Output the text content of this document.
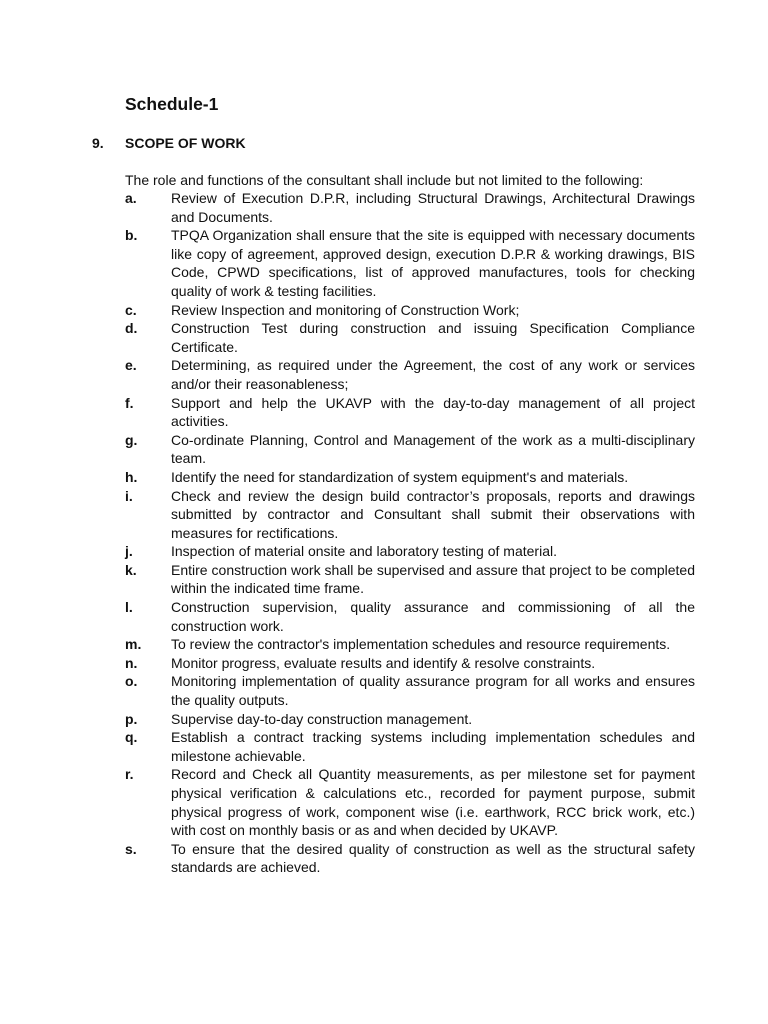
Schedule-1
9. SCOPE OF WORK
The role and functions of the consultant shall include but not limited to the following:
a.	Review of Execution D.P.R, including Structural Drawings, Architectural Drawings and Documents.
b.	TPQA Organization shall ensure that the site is equipped with necessary documents like copy of agreement, approved design, execution D.P.R & working drawings, BIS Code, CPWD specifications, list of approved manufactures, tools for checking quality of work & testing facilities.
c.	Review Inspection and monitoring of Construction Work;
d.	Construction Test during construction and issuing Specification Compliance Certificate.
e.	Determining, as required under the Agreement, the cost of any work or services and/or their reasonableness;
f.	Support and help the UKAVP with the day-to-day management of all project activities.
g.	Co-ordinate Planning, Control and Management of the work as a multi-disciplinary team.
h.	Identify the need for standardization of system equipment's and materials.
i.	Check and review the design build contractor’s proposals, reports and drawings submitted by contractor and Consultant shall submit their observations with measures for rectifications.
j.	Inspection of material onsite and laboratory testing of material.
k.	Entire construction work shall be supervised and assure that project to be completed within the indicated time frame.
l.	Construction supervision, quality assurance and commissioning of all the construction work.
m.	To review the contractor's implementation schedules and resource requirements.
n.	Monitor progress, evaluate results and identify & resolve constraints.
o.	Monitoring implementation of quality assurance program for all works and ensures the quality outputs.
p.	Supervise day-to-day construction management.
q.	Establish a contract tracking systems including implementation schedules and milestone achievable.
r.	Record and Check all Quantity measurements, as per milestone set for payment physical verification & calculations etc., recorded for payment purpose, submit physical progress of work, component wise (i.e. earthwork, RCC brick work, etc.) with cost on monthly basis or as and when decided by UKAVP.
s.	To ensure that the desired quality of construction as well as the structural safety standards are achieved.
